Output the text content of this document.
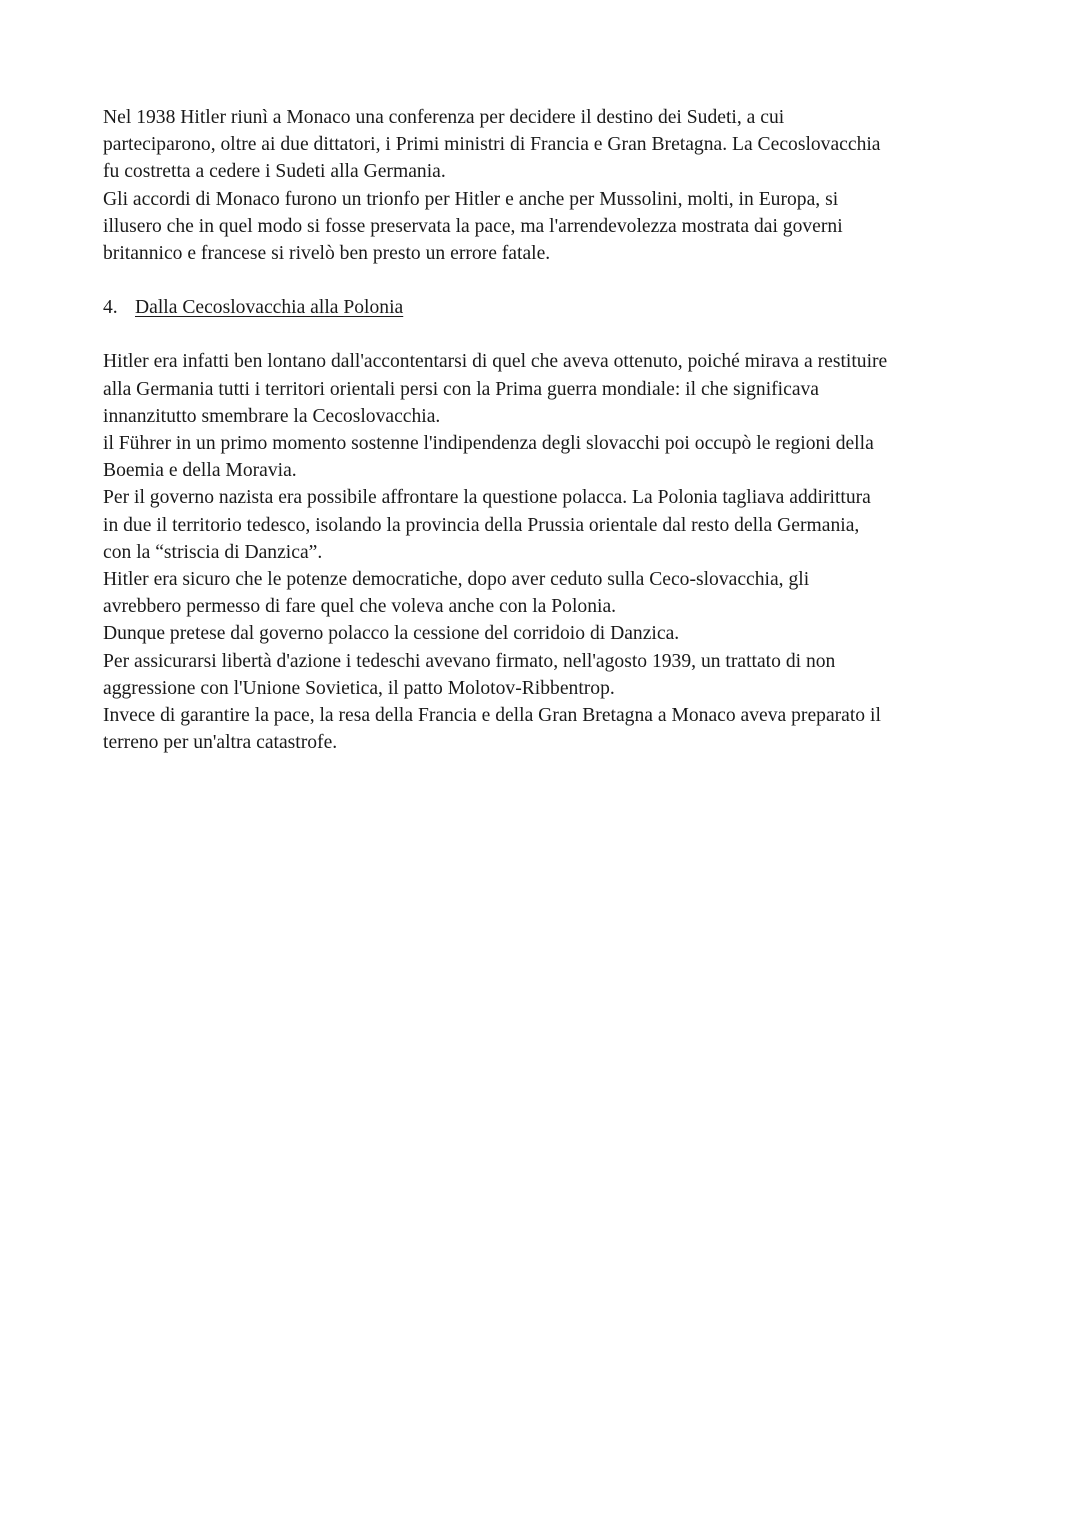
Nel 1938 Hitler riunì a Monaco una conferenza per decidere il destino dei Sudeti, a cui
parteciparono, oltre ai due dittatori, i Primi ministri di Francia e Gran Bretagna. La Cecoslovacchia
fu costretta a cedere i Sudeti alla Germania.
Gli accordi di Monaco furono un trionfo per Hitler e anche per Mussolini, molti, in Europa, si
illusero che in quel modo si fosse preservata la pace, ma l'arrendevolezza mostrata dai governi
britannico e francese si rivelò ben presto un errore fatale.
4. Dalla Cecoslovacchia alla Polonia
Hitler era infatti ben lontano dall'accontentarsi di quel che aveva ottenuto, poiché mirava a restituire
alla Germania tutti i territori orientali persi con la Prima guerra mondiale: il che significava
innanzitutto smembrare la Cecoslovacchia.
il Führer in un primo momento sostenne l'indipendenza degli slovacchi poi occupò le regioni della
Boemia e della Moravia.
Per il governo nazista era possibile affrontare la questione polacca. La Polonia tagliava addirittura
in due il territorio tedesco, isolando la provincia della Prussia orientale dal resto della Germania,
con la “striscia di Danzica”.
Hitler era sicuro che le potenze democratiche, dopo aver ceduto sulla Ceco-slovacchia, gli
avrebbero permesso di fare quel che voleva anche con la Polonia.
Dunque pretese dal governo polacco la cessione del corridoio di Danzica.
Per assicurarsi libertà d'azione i tedeschi avevano firmato, nell'agosto 1939, un trattato di non
aggressione con l'Unione Sovietica, il patto Molotov-Ribbentrop.
Invece di garantire la pace, la resa della Francia e della Gran Bretagna a Monaco aveva preparato il
terreno per un'altra catastrofe.
